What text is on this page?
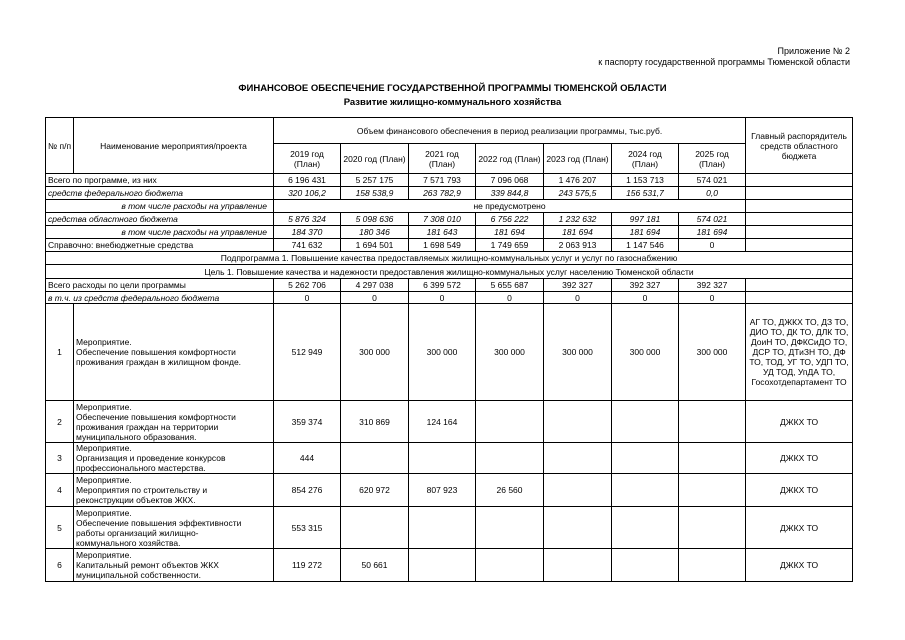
Приложение № 2
к паспорту государственной программы Тюменской области
ФИНАНСОВОЕ ОБЕСПЕЧЕНИЕ ГОСУДАРСТВЕННОЙ ПРОГРАММЫ ТЮМЕНСКОЙ ОБЛАСТИ
Развитие жилищно-коммунального хозяйства
№ п/п	Наименование мероприятия/проекта	Объем финансового обеспечения в период реализации программы, тыс.руб.							Главный распорядитель средств областного бюджета
		2019 год (План)	2020 год (План)	2021 год (План)	2022 год (План)	2023 год (План)	2024 год (План)	2025 год (План)	
Всего по программе, из них		6 196 431	5 257 175	7 571 793	7 096 068	1 476 207	1 153 713	574 021	
средств федерального бюджета		320 106,2	158 538,9	263 782,9	339 844,8	243 575,5	156 531,7	0,0	
в том числе расходы на управление		не предусмотрено							
средства областного бюджета		5 876 324	5 098 636	7 308 010	6 756 222	1 232 632	997 181	574 021	
в том числе расходы на управление		184 370	180 346	181 643	181 694	181 694	181 694	181 694	
Справочно: внебюджетные средства		741 632	1 694 501	1 698 549	1 749 659	2 063 913	1 147 546	0	
Подпрограмма 1. Повышение качества предоставляемых жилищно-коммунальных услуг и услуг по газоснабжению									
Цель 1. Повышение качества и надежности предоставления жилищно-коммунальных услуг населению Тюменской области									
Всего расходы по цели программы		5 262 706	4 297 038	6 399 572	5 655 687	392 327	392 327	392 327	
в т.ч. из средств федерального бюджета		0	0	0	0	0	0	0	
1	Мероприятие.
Обеспечение повышения комфортности
проживания граждан в жилищном фонде.	512 949	300 000	300 000	300 000	300 000	300 000	300 000	АГ ТО, ДЖКХ ТО, ДЗ ТО, ДИО ТО, ДК ТО, ДЛК ТО, ДоиН ТО, ДФКСиДО ТО, ДСР ТО, ДТиЗН ТО, ДФ ТО, ТОД, УГ ТО, УДП ТО, УД ТОД, УпДА ТО, Госохотдепартамент ТО
2	Мероприятие.
Обеспечение повышения комфортности
проживания граждан на территории
муниципального образования.	359 374	310 869	124 164					ДЖКХ ТО
3	Мероприятие.
Организация и проведение конкурсов
профессионального мастерства.	444							ДЖКХ ТО
4	Мероприятие.
Мероприятия по строительству и
реконструкции объектов ЖКХ.	854 276	620 972	807 923	26 560				ДЖКХ ТО
5	Мероприятие.
Обеспечение повышения эффективности
работы организаций жилищно-
коммунального хозяйства.	553 315							ДЖКХ ТО
6	Мероприятие.
Капитальный ремонт объектов ЖКХ
муниципальной собственности.	119 272	50 661						ДЖКХ ТО
